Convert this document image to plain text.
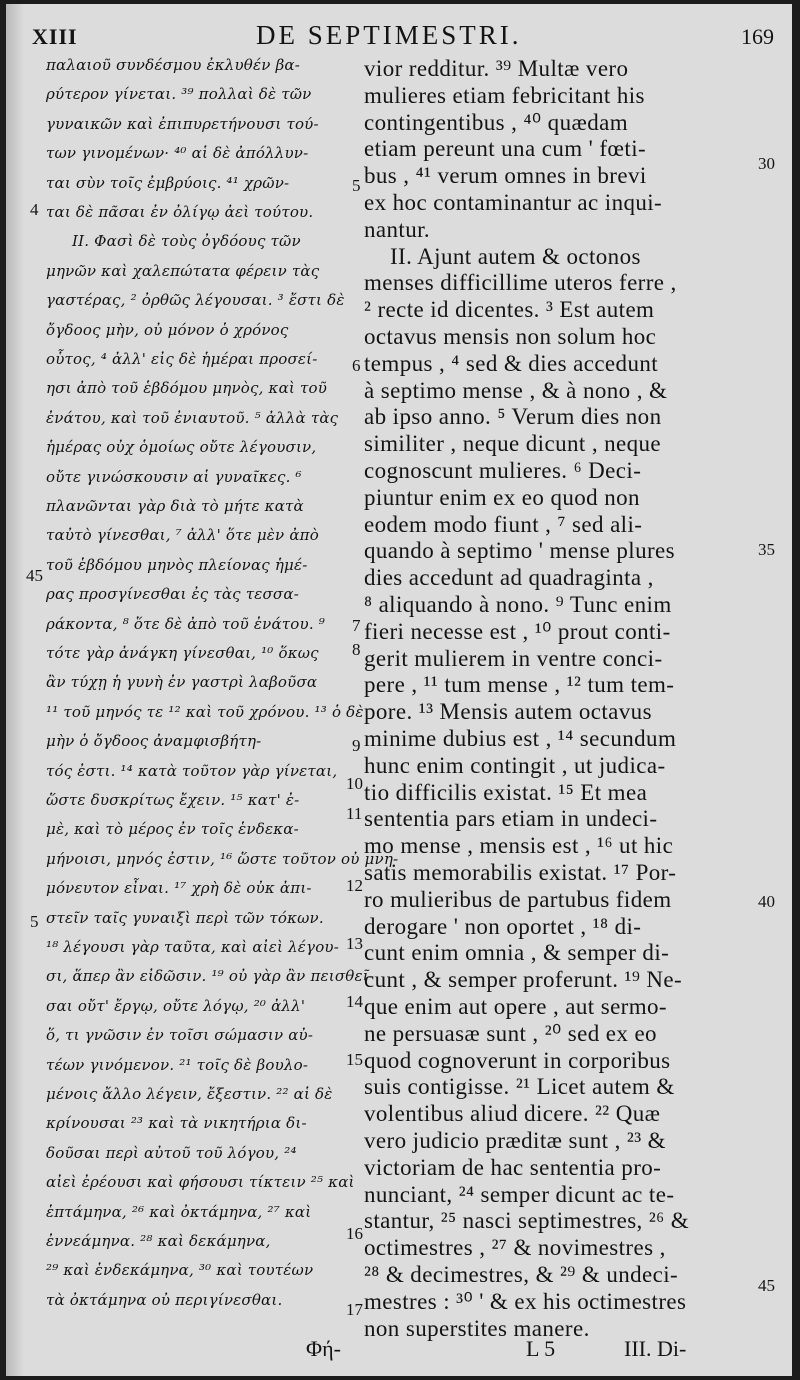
XIII	DE SEPTIMESTRI.	169
παλαιοῦ συνδέσμου ἐκλυθέν βα-
ρύτερον γίνεται. ³⁹ πολλαὶ δὲ τῶν
γυναικῶν καὶ ἐπιπυρετήνουσι τού-
των γινομένων· ⁴⁰ αἱ δὲ ἀπόλλυν-
ται σὺν τοῖς ἐμβρύοις. ⁴¹ χρῶν-
ται δὲ πᾶσαι ἐν ὀλίγῳ ἀεὶ τούτου.
II. Φασὶ δὲ τοὺς ὀγδόους τῶν
μηνῶν καὶ χαλεπώτατα φέρειν τὰς
γαστέρας, ² ὀρθῶς λέγουσαι. ³ ἔστι δὲ
ὄγδοος μὴν, οὐ μόνον ὁ χρόνος
οὗτος, ⁴ ἀλλ' εἰς δὲ ἡμέραι προσεί-
ησι ἀπὸ τοῦ ἑβδόμου μηνὸς, καὶ τοῦ
ἐνάτου, καὶ τοῦ ἐνιαυτοῦ. ⁵ ἀλλὰ τὰς
ἡμέρας οὐχ ὁμοίως οὔτε λέγουσιν,
οὔτε γινώσκουσιν αἱ γυναῖκες. ⁶
πλανῶνται γὰρ διὰ τὸ μήτε κατὰ
ταὐτὸ γίνεσθαι, ⁷ ἀλλ' ὅτε μὲν ἀπὸ
τοῦ ἑβδόμου μηνὸς πλείονας ἡμέ-
ρας προσγίνεσθαι ἐς τὰς τεσσα-
ράκοντα, ⁸ ὅτε δὲ ἀπὸ τοῦ ἐνάτου. ⁹
τότε γὰρ ἀνάγκη γίνεσθαι, ¹⁰ ὅκως
ἂν τύχῃ ἡ γυνὴ ἐν γαστρὶ λαβοῦσα
¹¹ τοῦ μηνός τε ¹² καὶ τοῦ χρόνου. ¹³ ὁ δὲ
μὴν ὁ ὄγδοος ἀναμφισβήτη-
τός ἐστι. ¹⁴ κατὰ τοῦτον γὰρ γίνεται,
ὥστε δυσκρίτως ἔχειν. ¹⁵ κατ' ἐ-
μὲ, καὶ τὸ μέρος ἐν τοῖς ἑνδεκα-
μήνοισι, μηνός ἐστιν, ¹⁶ ὥστε τοῦτον οὐ μνη-
μόνευτον εἶναι. ¹⁷ χρὴ δὲ οὐκ ἀπι-
στεῖν ταῖς γυναιξὶ περὶ τῶν τόκων.
¹⁸ λέγουσι γὰρ ταῦτα, καὶ αἰεὶ λέγου-
σι, ἅπερ ἂν εἰδῶσιν. ¹⁹ οὐ γὰρ ἂν πεισθεῖ-
σαι οὔτ' ἔργῳ, οὔτε λόγῳ, ²⁰ ἀλλ'
ὅ, τι γνῶσιν ἐν τοῖσι σώμασιν αὐ-
τέων γινόμενον. ²¹ τοῖς δὲ βουλο-
μένοις ἄλλο λέγειν, ἔξεστιν. ²² αἱ δὲ
κρίνουσαι ²³ καὶ τὰ νικητήρια δι-
δοῦσαι περὶ αὐτοῦ τοῦ λόγου, ²⁴
αἰεὶ ἐρέουσι καὶ φήσουσι τίκτειν ²⁵ καὶ
ἑπτάμηνα, ²⁶ καὶ ὀκτάμηνα, ²⁷ καὶ
ἐννεάμηνα. ²⁸ καὶ δεκάμηνα,
²⁹ καὶ ἑνδεκάμηνα, ³⁰ καὶ τουτέων
τὰ ὀκτάμηνα οὐ περιγίνεσθαι.
vior redditur. ³⁹ Multæ vero
mulieres etiam febricitant his
contingentibus , ⁴⁰ quædam
etiam pereunt una cum ' fœti-
bus , ⁴¹ verum omnes in brevi
ex hoc contaminantur ac inqui-
nantur.
II. Ajunt autem & octonos
menses difficillime uteros ferre ,
² recte id dicentes. ³ Est autem
octavus mensis non solum hoc
tempus , ⁴ sed & dies accedunt
à septimo mense , & à nono , &
ab ipso anno. ⁵ Verum dies non
similiter , neque dicunt , neque
cognoscunt mulieres. ⁶ Deci-
piuntur enim ex eo quod non
eodem modo fiunt , ⁷ sed ali-
quando à septimo ' mense plures
dies accedunt ad quadraginta ,
⁸ aliquando à nono. ⁹ Tunc enim
fieri necesse est , ¹⁰ prout conti-
gerit mulierem in ventre conci-
pere , ¹¹ tum mense , ¹² tum tem-
pore. ¹³ Mensis autem octavus
minime dubius est , ¹⁴ secundum
hunc enim contingit , ut judica-
tio difficilis existat. ¹⁵ Et mea
sententia pars etiam in undeci-
mo mense , mensis est , ¹⁶ ut hic
satis memorabilis existat. ¹⁷ Por-
ro mulieribus de partubus fidem
derogare ' non oportet , ¹⁸ di-
cunt enim omnia , & semper di-
cunt , & semper proferunt. ¹⁹ Ne-
que enim aut opere , aut sermo-
ne persuasæ sunt , ²⁰ sed ex eo
quod cognoverunt in corporibus
suis contigisse. ²¹ Licet autem &
volentibus aliud dicere. ²² Quæ
vero judicio præditæ sunt , ²³ &
victoriam de hac sententia pro-
nunciant, ²⁴ semper dicunt ac te-
stantur, ²⁵ nasci septimestres, ²⁶ &
octimestres , ²⁷ & novimestres ,
²⁸ & decimestres, & ²⁹ & undeci-
mestres : ³⁰ ' & ex his octimestres
non superstites manere.
5
6
7
8
9
10
11
12
13
14
15
16
17
4
45
5
30
35
40
45
Φή-	L 5	III. Di-
